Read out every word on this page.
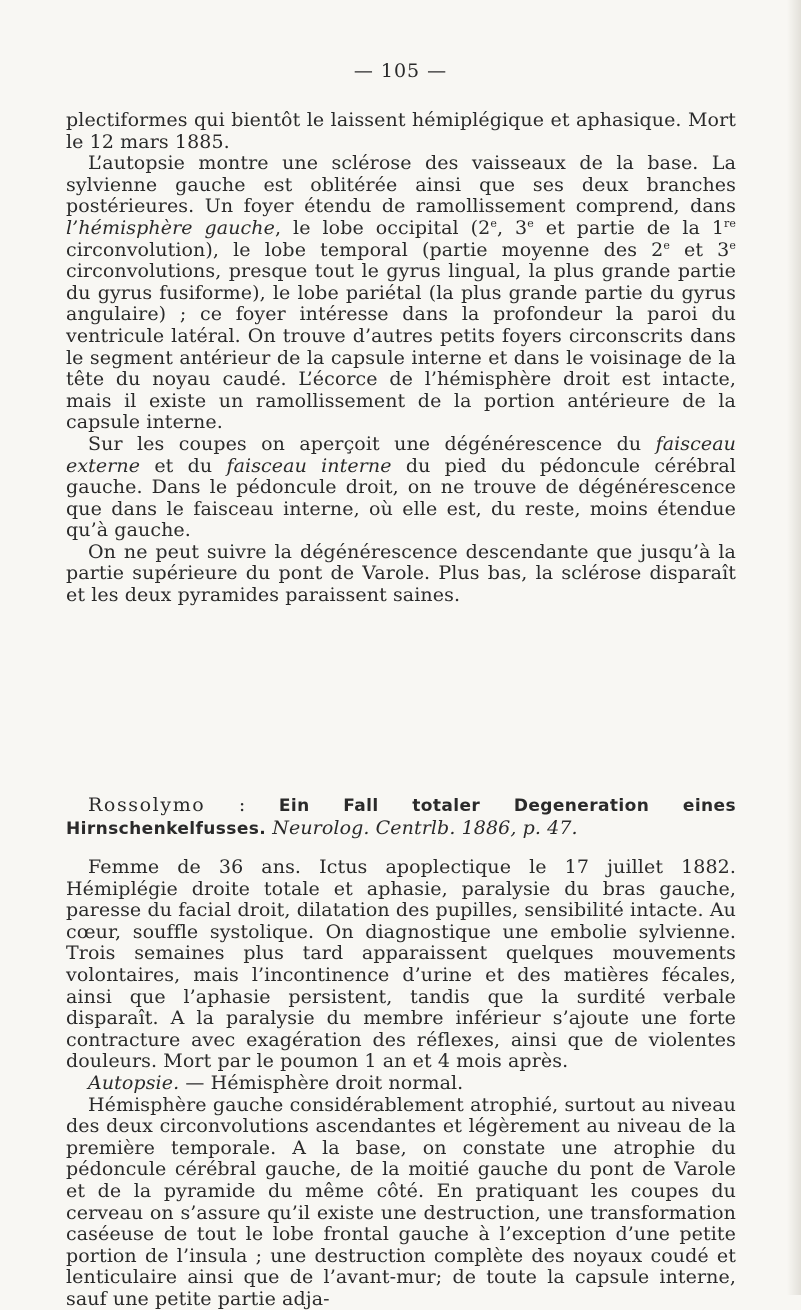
— 105 —

plectiformes qui bientôt le laissent hémiplégique et aphasique. Mort le 12 mars 1885.

L’autopsie montre une sclérose des vaisseaux de la base. La sylvienne gauche est oblitérée ainsi que ses deux branches postérieures. Un foyer étendu de ramollissement comprend, dans l’hémisphère gauche, le lobe occipital (2e, 3e et partie de la 1re circonvolution), le lobe temporal (partie moyenne des 2e et 3e circonvolutions, presque tout le gyrus lingual, la plus grande partie du gyrus fusiforme), le lobe pariétal (la plus grande partie du gyrus angulaire) ; ce foyer intéresse dans la profondeur la paroi du ventricule latéral. On trouve d’autres petits foyers circonscrits dans le segment antérieur de la capsule interne et dans le voisinage de la tête du noyau caudé. L’écorce de l’hémisphère droit est intacte, mais il existe un ramollissement de la portion antérieure de la capsule interne.

Sur les coupes on aperçoit une dégénérescence du faisceau externe et du faisceau interne du pied du pédoncule cérébral gauche. Dans le pédoncule droit, on ne trouve de dégénérescence que dans le faisceau interne, où elle est, du reste, moins étendue qu’à gauche.

On ne peut suivre la dégénérescence descendante que jusqu’à la partie supérieure du pont de Varole. Plus bas, la sclérose disparaît et les deux pyramides paraissent saines.

Rossolymo : Ein Fall totaler Degeneration eines Hirnschenkelfusses. Neurolog. Centrlb. 1886, p. 47.

Femme de 36 ans. Ictus apoplectique le 17 juillet 1882. Hémiplégie droite totale et aphasie, paralysie du bras gauche, paresse du facial droit, dilatation des pupilles, sensibilité intacte. Au cœur, souffle systolique. On diagnostique une embolie sylvienne. Trois semaines plus tard apparaissent quelques mouvements volontaires, mais l’incontinence d’urine et des matières fécales, ainsi que l’aphasie persistent, tandis que la surdité verbale disparaît. A la paralysie du membre inférieur s’ajoute une forte contracture avec exagération des réflexes, ainsi que de violentes douleurs. Mort par le poumon 1 an et 4 mois après.

Autopsie. — Hémisphère droit normal.

Hémisphère gauche considérablement atrophié, surtout au niveau des deux circonvolutions ascendantes et légèrement au niveau de la première temporale. A la base, on constate une atrophie du pédoncule cérébral gauche, de la moitié gauche du pont de Varole et de la pyramide du même côté. En pratiquant les coupes du cerveau on s’assure qu’il existe une destruction, une transformation caséeuse de tout le lobe frontal gauche à l’exception d’une petite portion de l’insula ; une destruction complète des noyaux coudé et lenticulaire ainsi que de l’avant-mur; de toute la capsule interne, sauf une petite partie adja-
